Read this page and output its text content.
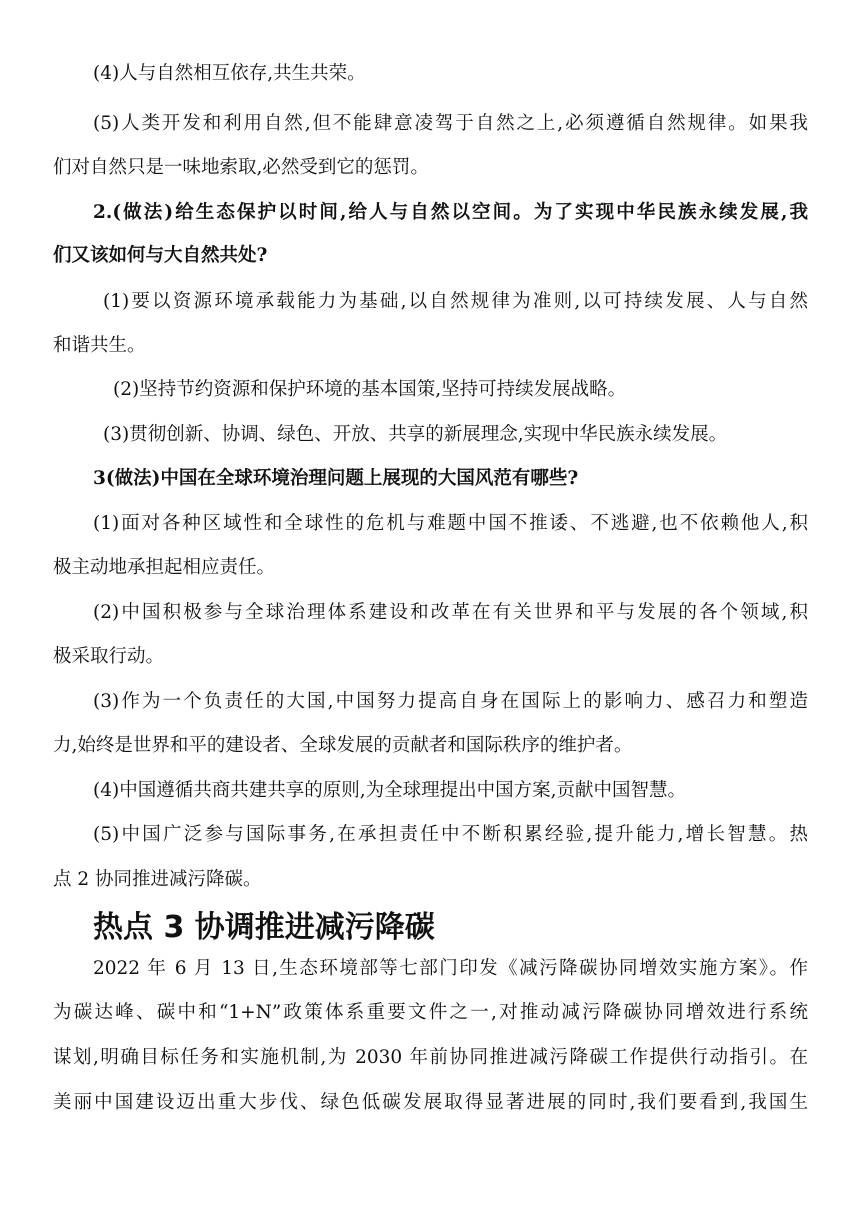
(4)人与自然相互依存,共生共荣。
(5)人类开发和利用自然,但不能肆意凌驾于自然之上,必须遵循自然规律。如果我
们对自然只是一味地索取,必然受到它的惩罚。
2.(做法)给生态保护以时间,给人与自然以空间。为了实现中华民族永续发展,我
们又该如何与大自然共处?
(1)要以资源环境承载能力为基础,以自然规律为准则,以可持续发展、人与自然
和谐共生。
(2)坚持节约资源和保护环境的基本国策,坚持可持续发展战略。
(3)贯彻创新、协调、绿色、开放、共享的新展理念,实现中华民族永续发展。
3(做法)中国在全球环境治理问题上展现的大国风范有哪些?
(1)面对各种区域性和全球性的危机与难题中国不推诿、不逃避,也不依赖他人,积
极主动地承担起相应责任。
(2)中国积极参与全球治理体系建设和改革在有关世界和平与发展的各个领域,积
极采取行动。
(3)作为一个负责任的大国,中国努力提高自身在国际上的影响力、感召力和塑造
力,始终是世界和平的建设者、全球发展的贡献者和国际秩序的维护者。
(4)中国遵循共商共建共享的原则,为全球理提出中国方案,贡献中国智慧。
(5)中国广泛参与国际事务,在承担责任中不断积累经验,提升能力,增长智慧。热
点 2 协同推进减污降碳。
热点 3 协调推进减污降碳
2022 年 6 月 13 日,生态环境部等七部门印发《减污降碳协同增效实施方案》。作
为碳达峰、碳中和“1+N”政策体系重要文件之一,对推动减污降碳协同增效进行系统
谋划,明确目标任务和实施机制,为 2030 年前协同推进减污降碳工作提供行动指引。在
美丽中国建设迈出重大步伐、绿色低碳发展取得显著进展的同时,我们要看到,我国生
